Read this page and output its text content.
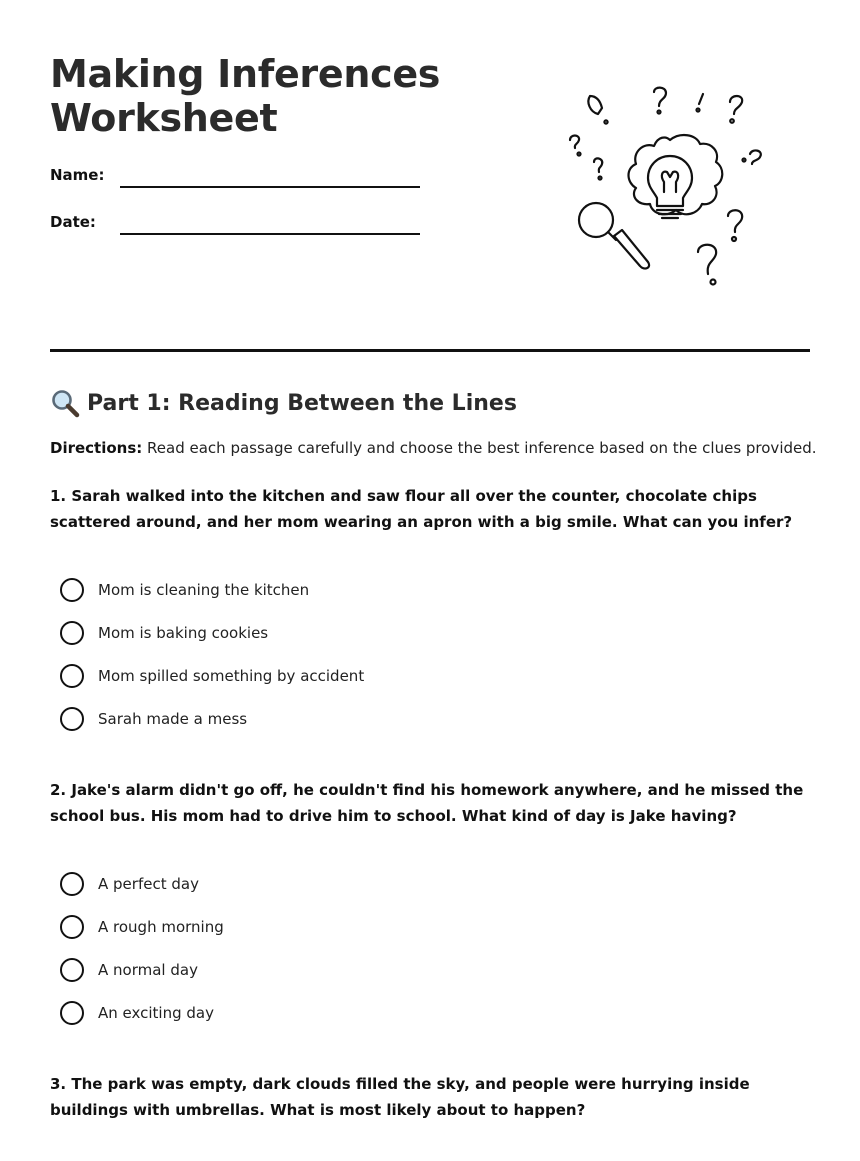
Making Inferences
Worksheet
Name:
Date:
Part 1: Reading Between the Lines

Directions: Read each passage carefully and choose the best inference based on the clues provided.

1. Sarah walked into the kitchen and saw flour all over the counter, chocolate chips scattered around, and her mom wearing an apron with a big smile. What can you infer?

Mom is cleaning the kitchen
Mom is baking cookies
Mom spilled something by accident
Sarah made a mess

2. Jake's alarm didn't go off, he couldn't find his homework anywhere, and he missed the school bus. His mom had to drive him to school. What kind of day is Jake having?

A perfect day
A rough morning
A normal day
An exciting day

3. The park was empty, dark clouds filled the sky, and people were hurrying inside buildings with umbrellas. What is most likely about to happen?
